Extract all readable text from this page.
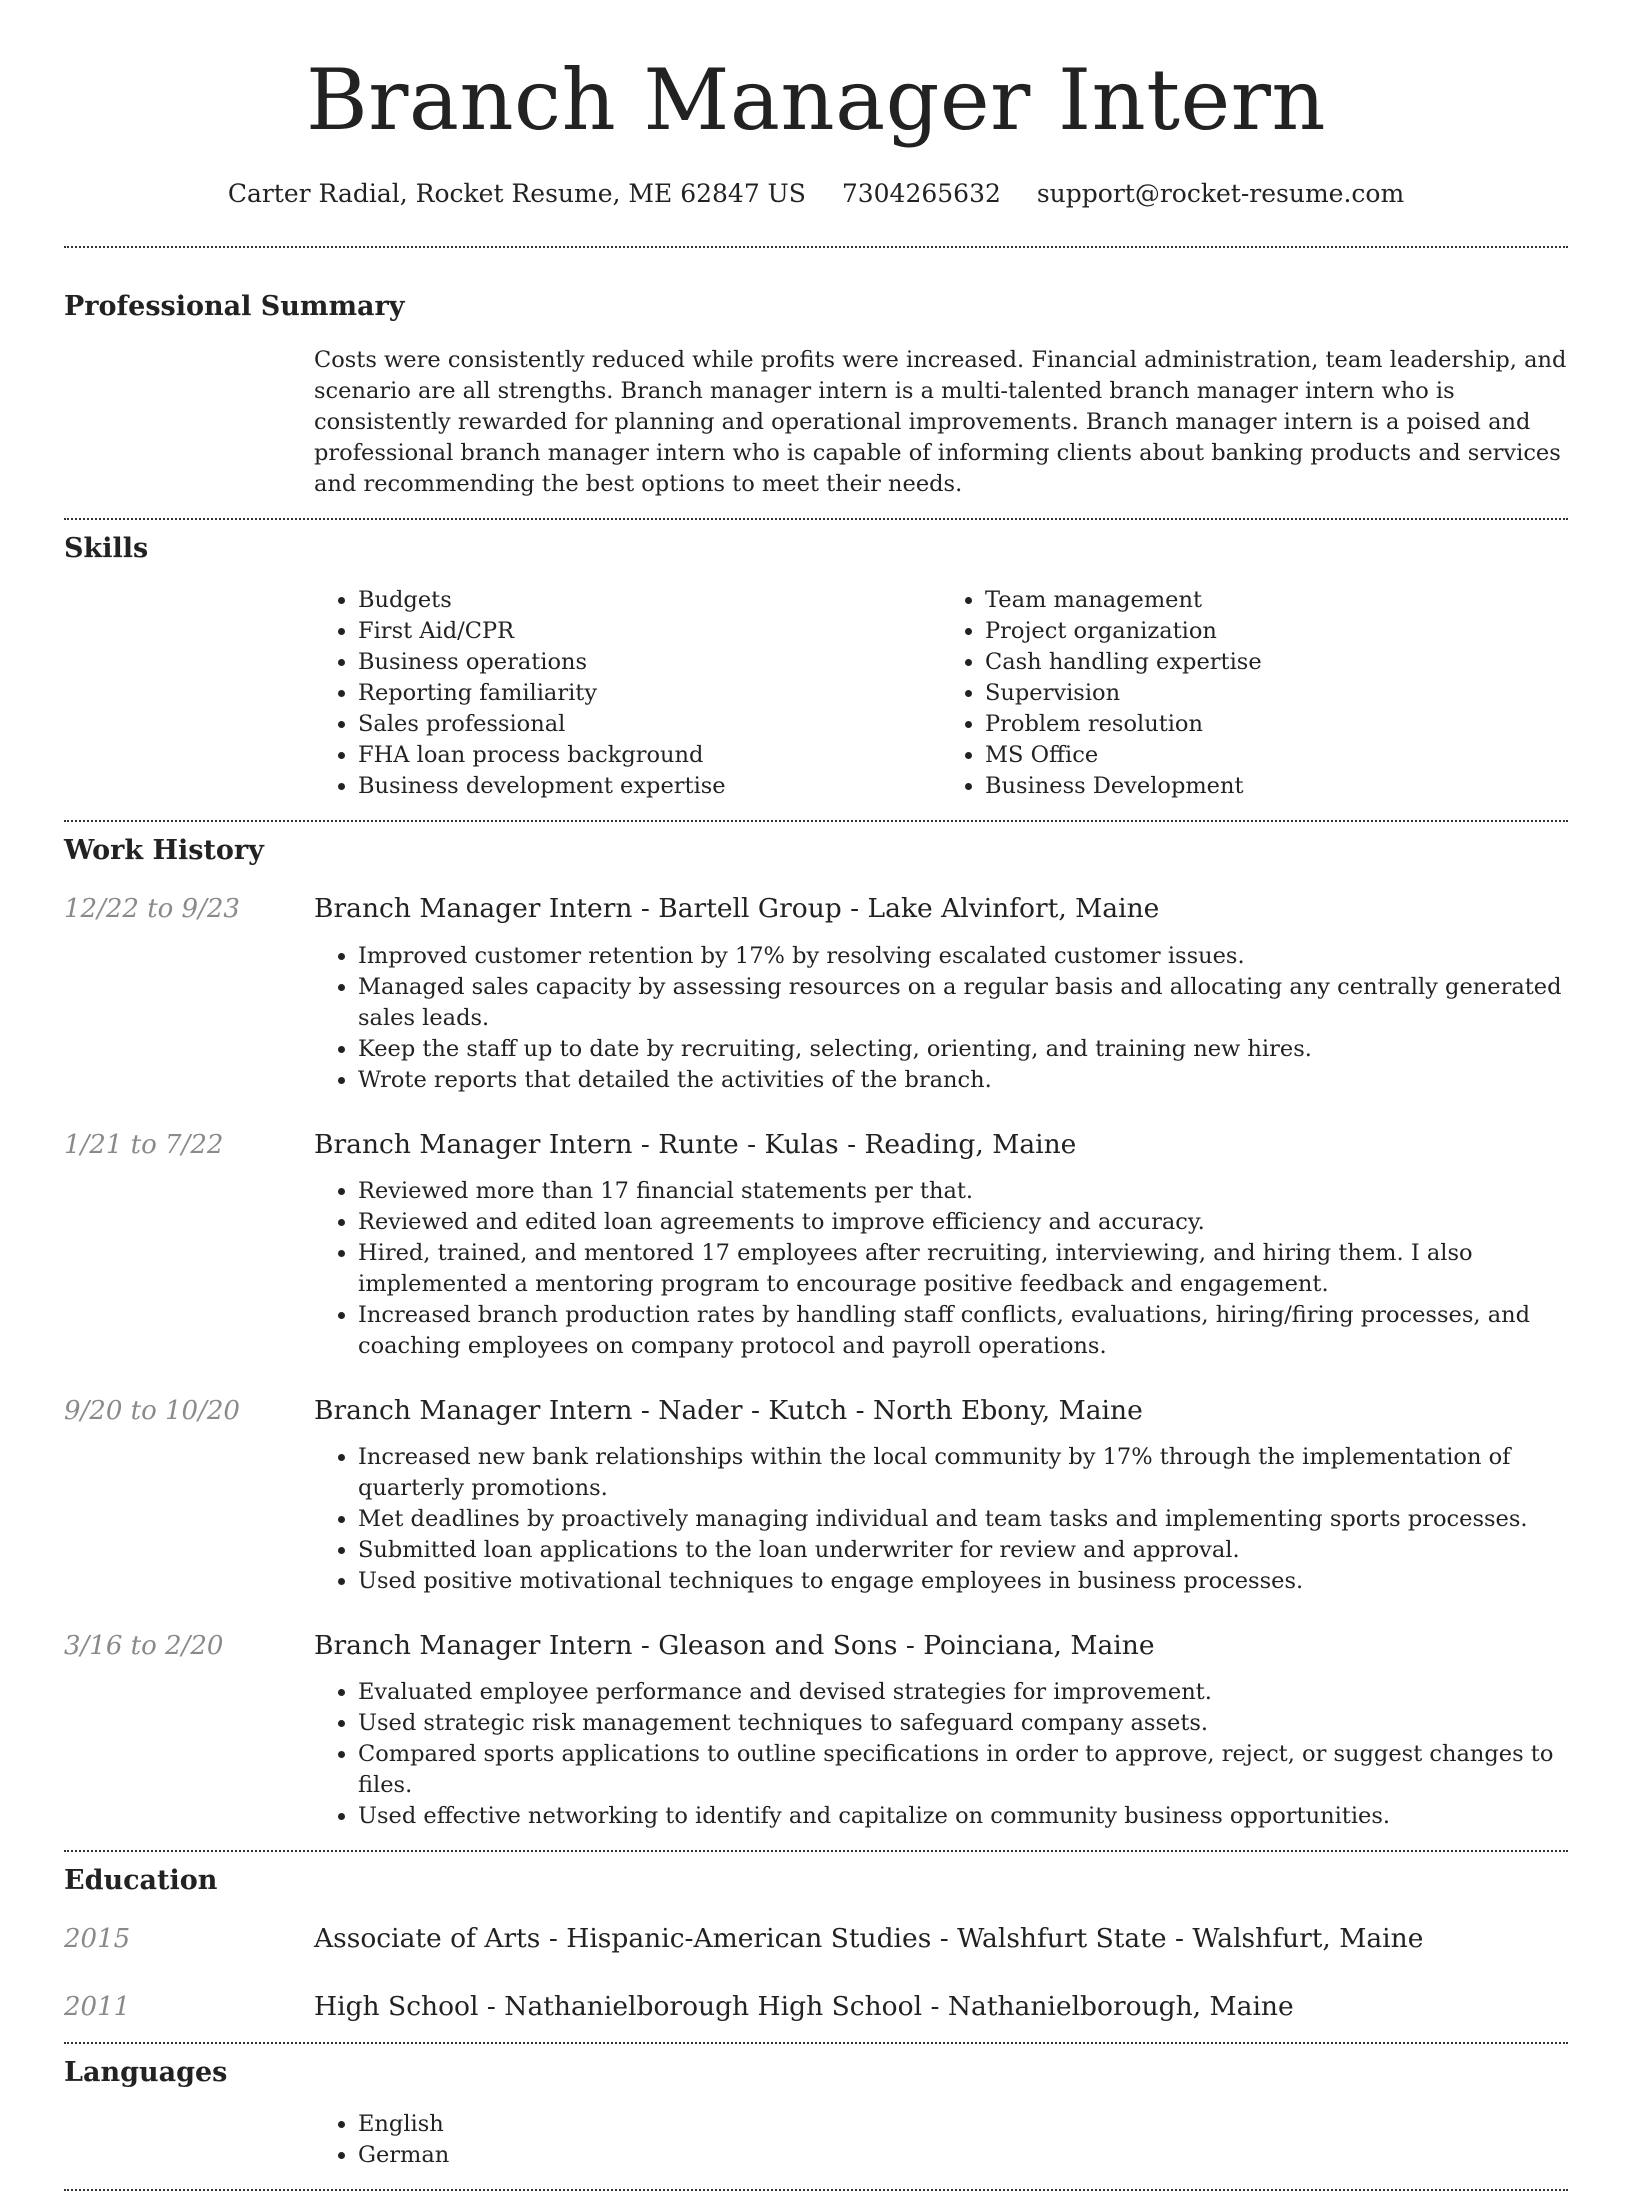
Branch Manager Intern
Carter Radial, Rocket Resume, ME 62847 US 7304265632 support@rocket-resume.com
Professional Summary

Costs were consistently reduced while profits were increased. Financial administration, team leadership, and scenario are all strengths. Branch manager intern is a multi-talented branch manager intern who is consistently rewarded for planning and operational improvements. Branch manager intern is a poised and professional branch manager intern who is capable of informing clients about banking products and services and recommending the best options to meet their needs.

Skills
• Budgets
• First Aid/CPR
• Business operations
• Reporting familiarity
• Sales professional
• FHA loan process background
• Business development expertise
• Team management
• Project organization
• Cash handling expertise
• Supervision
• Problem resolution
• MS Office
• Business Development
Work History
12/22 to 9/23	Branch Manager Intern - Bartell Group - Lake Alvinfort, Maine
• Improved customer retention by 17% by resolving escalated customer issues.
• Managed sales capacity by assessing resources on a regular basis and allocating any centrally generated sales leads.
• Keep the staff up to date by recruiting, selecting, orienting, and training new hires.
• Wrote reports that detailed the activities of the branch.
1/21 to 7/22	Branch Manager Intern - Runte - Kulas - Reading, Maine
• Reviewed more than 17 financial statements per that.
• Reviewed and edited loan agreements to improve efficiency and accuracy.
• Hired, trained, and mentored 17 employees after recruiting, interviewing, and hiring them. I also implemented a mentoring program to encourage positive feedback and engagement.
• Increased branch production rates by handling staff conflicts, evaluations, hiring/firing processes, and coaching employees on company protocol and payroll operations.
9/20 to 10/20	Branch Manager Intern - Nader - Kutch - North Ebony, Maine
• Increased new bank relationships within the local community by 17% through the implementation of quarterly promotions.
• Met deadlines by proactively managing individual and team tasks and implementing sports processes.
• Submitted loan applications to the loan underwriter for review and approval.
• Used positive motivational techniques to engage employees in business processes.
3/16 to 2/20	Branch Manager Intern - Gleason and Sons - Poinciana, Maine
• Evaluated employee performance and devised strategies for improvement.
• Used strategic risk management techniques to safeguard company assets.
• Compared sports applications to outline specifications in order to approve, reject, or suggest changes to files.
• Used effective networking to identify and capitalize on community business opportunities.
Education
2015	Associate of Arts - Hispanic-American Studies - Walshfurt State - Walshfurt, Maine
2011	High School - Nathanielborough High School - Nathanielborough, Maine
Languages
• English
• German
